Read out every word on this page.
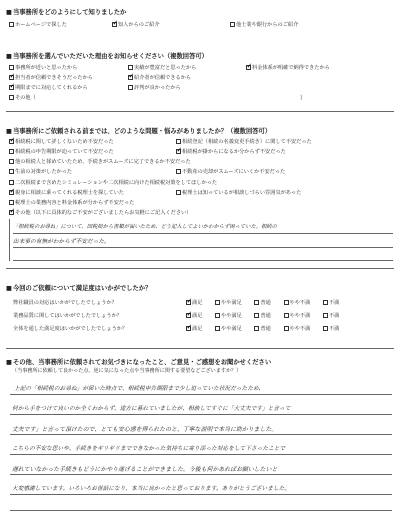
■ 当事務所をどのようにして知りましたか
ホームページで探した ✓	知人からのご紹介	他士業や銀行からのご紹介
■ 当事務所を選んでいただいた理由をお知らせください（複数回答可）
事務所が近いと思ったから	実績が豊富だと思ったから ✓	料金体系が明確で納得できたから
✓担当者が信頼できそうだったから ✓	紹介者が信頼できるから
✓期限までに対応してくれるから	評判が良かったから
その他（	）
■ 当事務所にご依頼される前までは、どのような問題・悩みがありましたか？（複数回答可）
✓相続税に関して詳しくないため不安だった	相続登記（相続の名義変更手続き）に関して不安だった
相続税の申告期限が迫っていて不安だった ✓	相続税が掛からになるか分からず不安だった
他の相続人と揉めていたため、手続きがスムーズに完了できるか不安だった
生前の対策がしたかった	不動産の売却がスムーズにいくか不安だった
二次相続まで含めたシミュレーションや二次相続に向けた相続税対策をしてほしかった
✓親身に相談に乗ってくれる税理士を探していた	税理士は知っているが相談しづらい雰囲気があった
税理士の業務内容と料金体系が分からず不安だった
✓その他（以下に具体的なご不安がございましたらお気軽にご記入ください）
「相続税のお尋ね」について、国税局から書類が届いたため、どう記入してよいかわからず困っていた。相続の
出来事の有無がわからず不安だった。
■ 今回のご依頼について満足度はいかがでしたか？
弊社職員の対応はいかがでしたでしょうか？ ✓	満足	やや満足	普通	やや不満	不満
業務品質に関してはいかがでしたでしょうか？ ✓	満足	やや満足	普通	やや不満	不満
全体を通した満足度はいかがでしたでしょうか？ ✓	満足	やや満足	普通	やや不満	不満
■ その他、当事務所に依頼されてお気づきになったこと、ご意見・ご感想をお聞かせください
（当事務所に依頼して良かった点、逆に気になった点や当事務所に関する要望などございますか？）
上記の「相続税のお尋ね」が届いた時点で、相続税申告期限まで少し迫っていた状況だったため、
何から手をつけて良いのか全くわからず、途方に暮れていましたが、相談してすぐに「大丈夫です」と言って
丈夫です」と言って頂けたので、とても安心感を得られたのと、丁寧な説明で本当に助かりました。
こちらの不安な思いや、手続きをギリギリまでできなかった気持ちに寄り添った対応をして下さったことで
遅れていなかった手続きもどうにかやり遂げることができました。今後も何かあればお願いしたいと
大変感謝しています。いろいろお世話になり、本当に良かったと思っております。ありがとうございました。
